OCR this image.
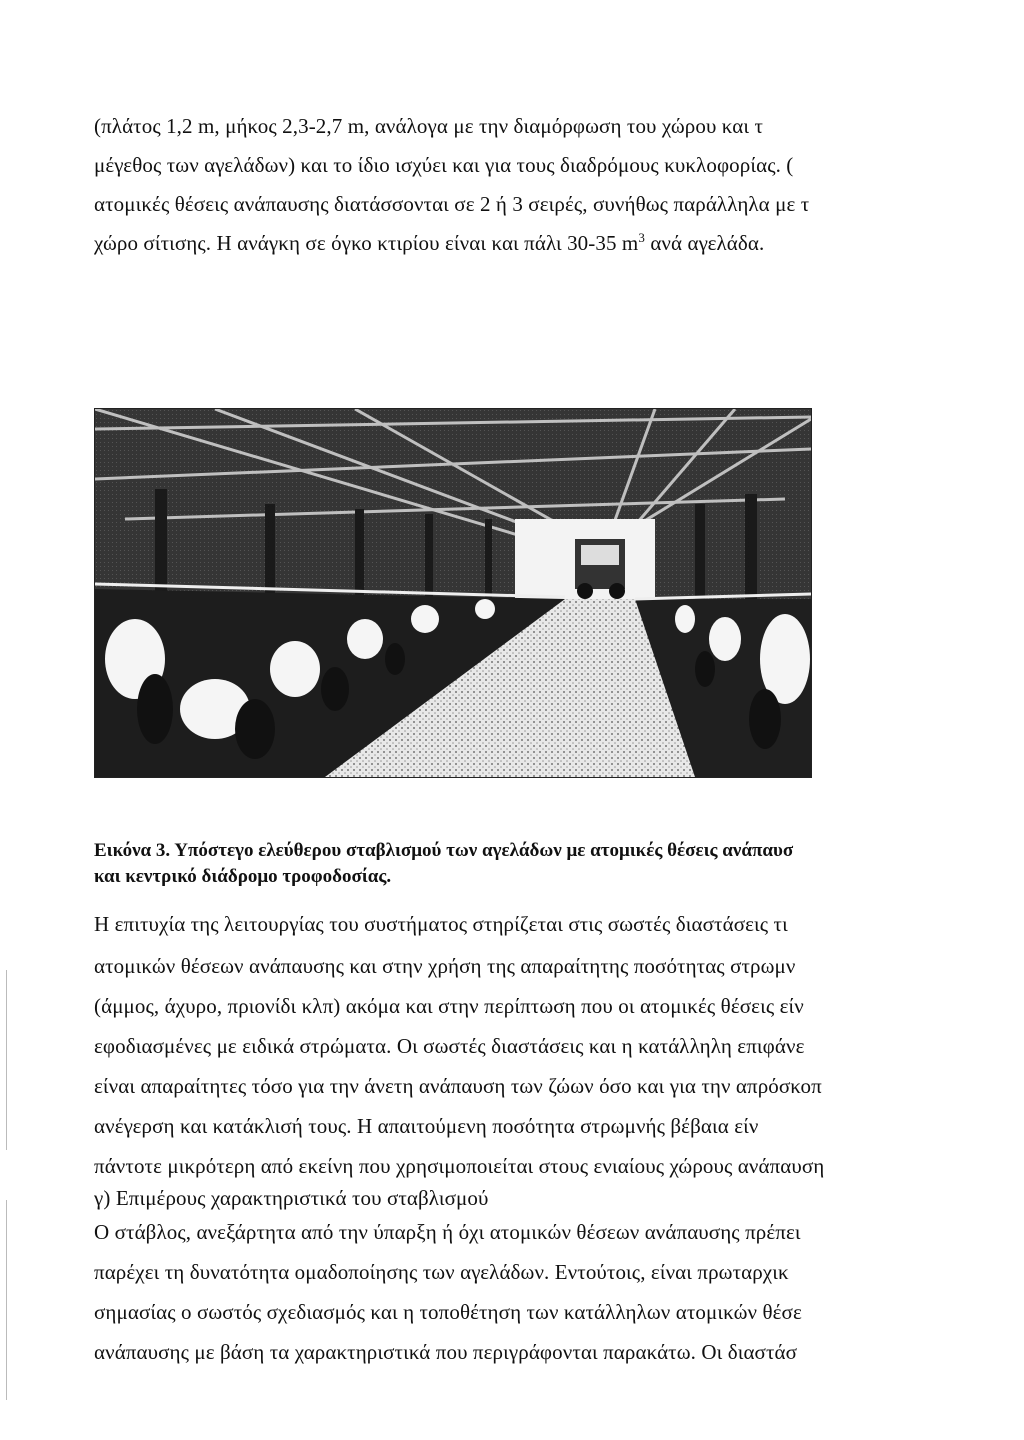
(πλάτος 1,2 m, μήκος 2,3-2,7 m, ανάλογα με την διαμόρφωση του χώρου και τ
μέγεθος των αγελάδων) και το ίδιο ισχύει και για τους διαδρόμους κυκλοφορίας. (
ατομικές θέσεις ανάπαυσης διατάσσονται σε 2 ή 3 σειρές, συνήθως παράλληλα με τ
χώρο σίτισης. Η ανάγκη σε όγκο κτιρίου είναι και πάλι 30-35 $m^3$ ανά αγελάδα.
Εικόνα 3. Υπόστεγο ελεύθερου σταβλισμού των αγελάδων με ατομικές θέσεις ανάπαυσ
και κεντρικό διάδρομο τροφοδοσίας.
Η επιτυχία της λειτουργίας του συστήματος στηρίζεται στις σωστές διαστάσεις τι
ατομικών θέσεων ανάπαυσης και στην χρήση της απαραίτητης ποσότητας στρωμν
(άμμος, άχυρο, πριονίδι κλπ) ακόμα και στην περίπτωση που οι ατομικές θέσεις είν
εφοδιασμένες με ειδικά στρώματα. Οι σωστές διαστάσεις και η κατάλληλη επιφάνε
είναι απαραίτητες τόσο για την άνετη ανάπαυση των ζώων όσο και για την απρόσκοπ
ανέγερση και κατάκλισή τους. Η απαιτούμενη ποσότητα στρωμνής βέβαια είν
πάντοτε μικρότερη από εκείνη που χρησιμοποιείται στους ενιαίους χώρους ανάπαυση
γ) Επιμέρους χαρακτηριστικά του σταβλισμού
Ο στάβλος, ανεξάρτητα από την ύπαρξη ή όχι ατομικών θέσεων ανάπαυσης πρέπει
παρέχει τη δυνατότητα ομαδοποίησης των αγελάδων. Εντούτοις, είναι πρωταρχικ
σημασίας ο σωστός σχεδιασμός και η τοποθέτηση των κατάλληλων ατομικών θέσε
ανάπαυσης με βάση τα χαρακτηριστικά που περιγράφονται παρακάτω. Οι διαστάσ
